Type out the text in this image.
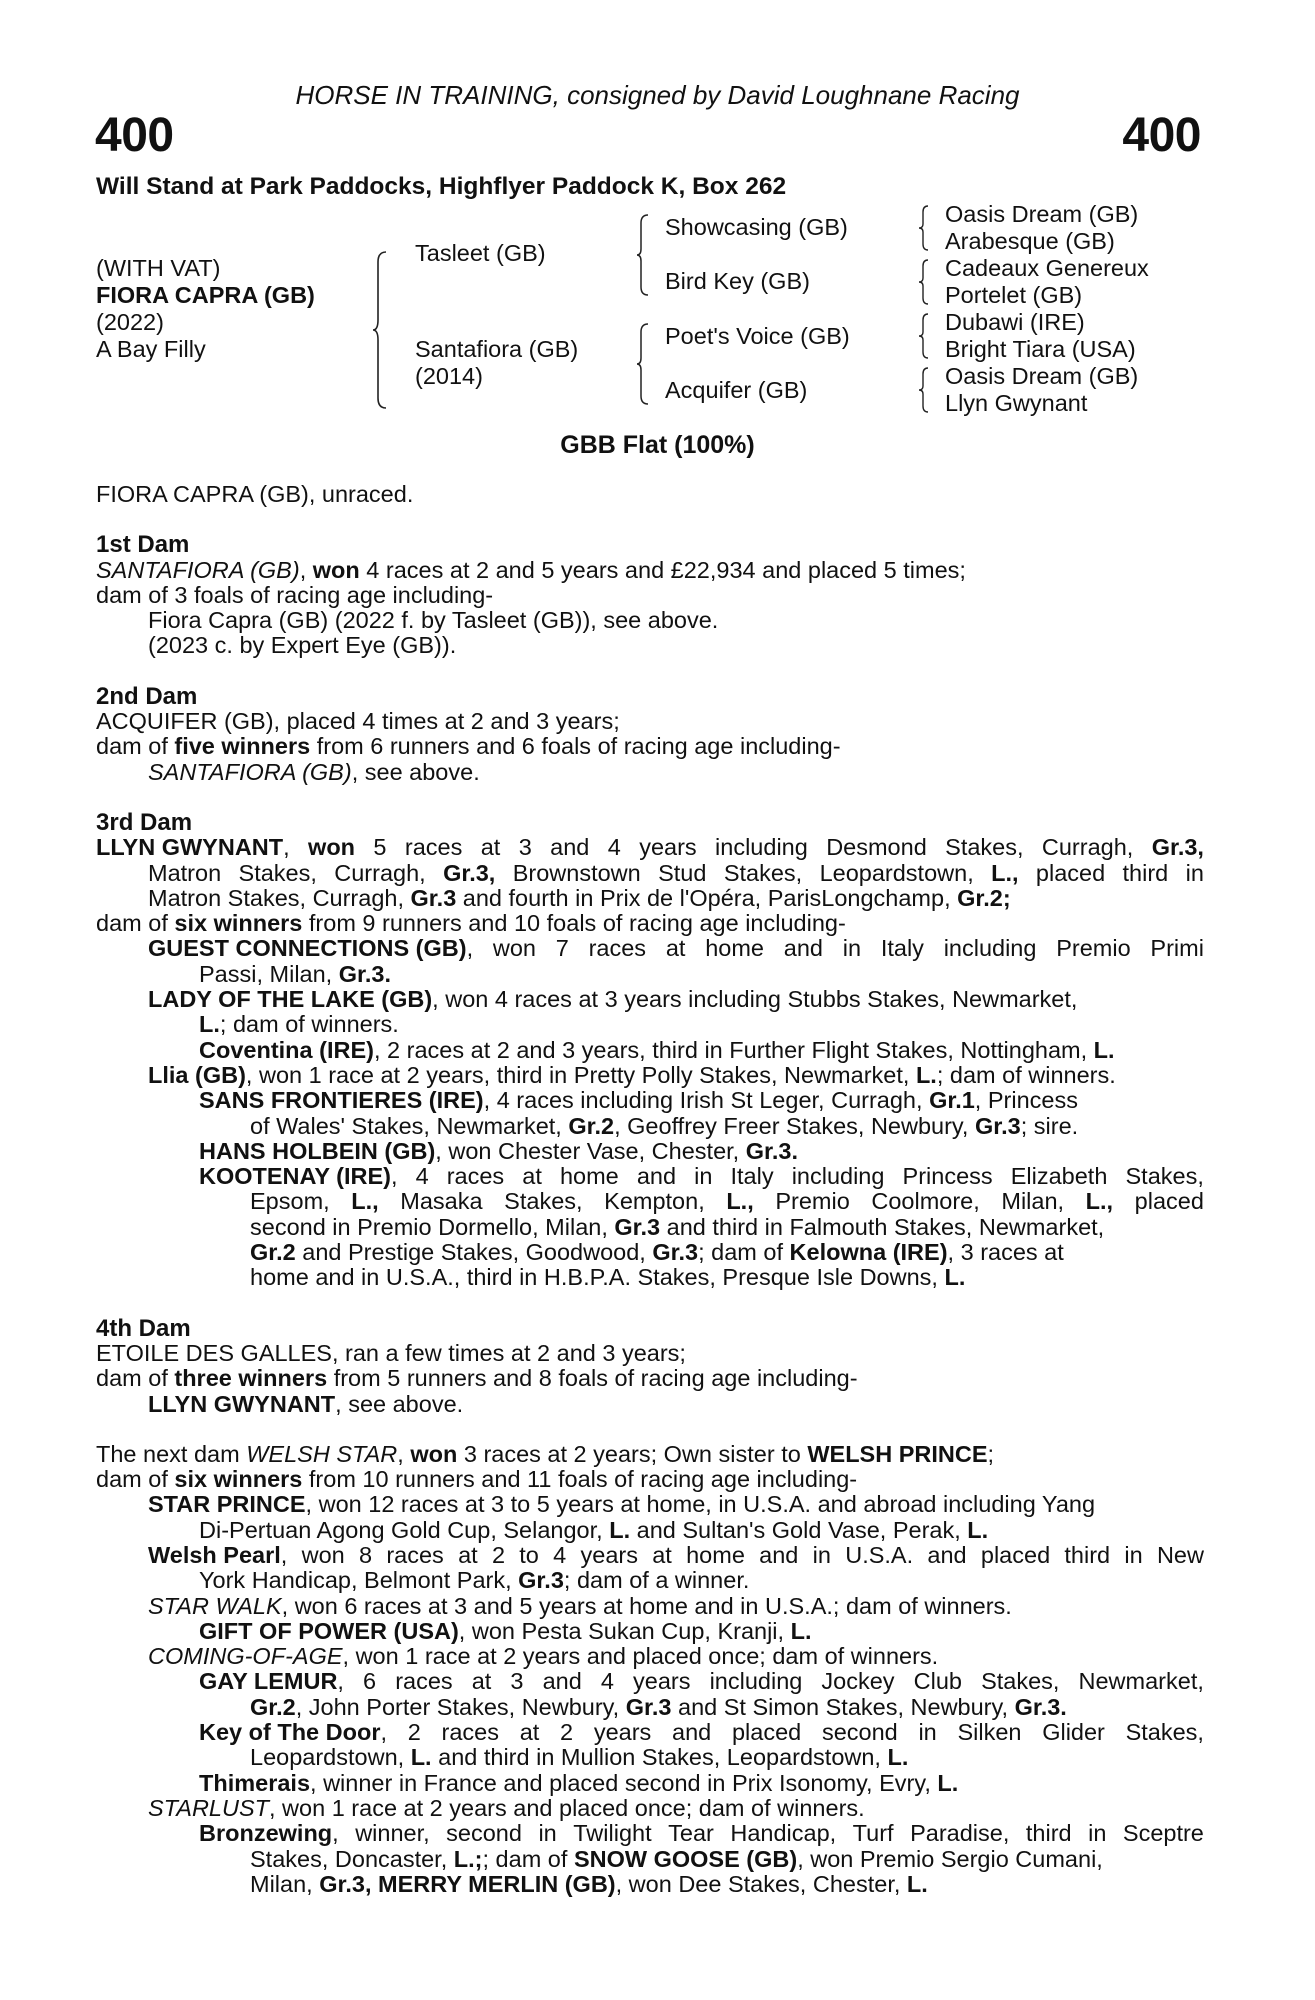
HORSE IN TRAINING, consigned by David Loughnane Racing
400	400
Will Stand at Park Paddocks, Highflyer Paddock K, Box 262
(WITH VAT)
FIORA CAPRA (GB)
(2022)
A Bay Filly
Tasleet (GB)
Santafiora (GB)
(2014)
Showcasing (GB)
Bird Key (GB)
Poet's Voice (GB)
Acquifer (GB)
Oasis Dream (GB)
Arabesque (GB)
Cadeaux Genereux
Portelet (GB)
Dubawi (IRE)
Bright Tiara (USA)
Oasis Dream (GB)
Llyn Gwynant
GBB Flat (100%)
FIORA CAPRA (GB), unraced.
1st Dam
SANTAFIORA (GB), won 4 races at 2 and 5 years and £22,934 and placed 5 times;
dam of 3 foals of racing age including-
Fiora Capra (GB) (2022 f. by Tasleet (GB)), see above.
(2023 c. by Expert Eye (GB)).
2nd Dam
ACQUIFER (GB), placed 4 times at 2 and 3 years;
dam of five winners from 6 runners and 6 foals of racing age including-
SANTAFIORA (GB), see above.
3rd Dam
LLYN GWYNANT, won 5 races at 3 and 4 years including Desmond Stakes, Curragh, Gr.3,
Matron Stakes, Curragh, Gr.3, Brownstown Stud Stakes, Leopardstown, L., placed third in
Matron Stakes, Curragh, Gr.3 and fourth in Prix de l'Opéra, ParisLongchamp, Gr.2;
dam of six winners from 9 runners and 10 foals of racing age including-
GUEST CONNECTIONS (GB), won 7 races at home and in Italy including Premio Primi
Passi, Milan, Gr.3.
LADY OF THE LAKE (GB), won 4 races at 3 years including Stubbs Stakes, Newmarket,
L.; dam of winners.
Coventina (IRE), 2 races at 2 and 3 years, third in Further Flight Stakes, Nottingham, L.
Llia (GB), won 1 race at 2 years, third in Pretty Polly Stakes, Newmarket, L.; dam of winners.
SANS FRONTIERES (IRE), 4 races including Irish St Leger, Curragh, Gr.1, Princess
of Wales' Stakes, Newmarket, Gr.2, Geoffrey Freer Stakes, Newbury, Gr.3; sire.
HANS HOLBEIN (GB), won Chester Vase, Chester, Gr.3.
KOOTENAY (IRE), 4 races at home and in Italy including Princess Elizabeth Stakes,
Epsom, L., Masaka Stakes, Kempton, L., Premio Coolmore, Milan, L., placed
second in Premio Dormello, Milan, Gr.3 and third in Falmouth Stakes, Newmarket,
Gr.2 and Prestige Stakes, Goodwood, Gr.3; dam of Kelowna (IRE), 3 races at
home and in U.S.A., third in H.B.P.A. Stakes, Presque Isle Downs, L.
4th Dam
ETOILE DES GALLES, ran a few times at 2 and 3 years;
dam of three winners from 5 runners and 8 foals of racing age including-
LLYN GWYNANT, see above.
The next dam WELSH STAR, won 3 races at 2 years; Own sister to WELSH PRINCE;
dam of six winners from 10 runners and 11 foals of racing age including-
STAR PRINCE, won 12 races at 3 to 5 years at home, in U.S.A. and abroad including Yang
Di-Pertuan Agong Gold Cup, Selangor, L. and Sultan's Gold Vase, Perak, L.
Welsh Pearl, won 8 races at 2 to 4 years at home and in U.S.A. and placed third in New
York Handicap, Belmont Park, Gr.3; dam of a winner.
STAR WALK, won 6 races at 3 and 5 years at home and in U.S.A.; dam of winners.
GIFT OF POWER (USA), won Pesta Sukan Cup, Kranji, L.
COMING-OF-AGE, won 1 race at 2 years and placed once; dam of winners.
GAY LEMUR, 6 races at 3 and 4 years including Jockey Club Stakes, Newmarket,
Gr.2, John Porter Stakes, Newbury, Gr.3 and St Simon Stakes, Newbury, Gr.3.
Key of The Door, 2 races at 2 years and placed second in Silken Glider Stakes,
Leopardstown, L. and third in Mullion Stakes, Leopardstown, L.
Thimerais, winner in France and placed second in Prix Isonomy, Evry, L.
STARLUST, won 1 race at 2 years and placed once; dam of winners.
Bronzewing, winner, second in Twilight Tear Handicap, Turf Paradise, third in Sceptre
Stakes, Doncaster, L.;; dam of SNOW GOOSE (GB), won Premio Sergio Cumani,
Milan, Gr.3, MERRY MERLIN (GB), won Dee Stakes, Chester, L.
